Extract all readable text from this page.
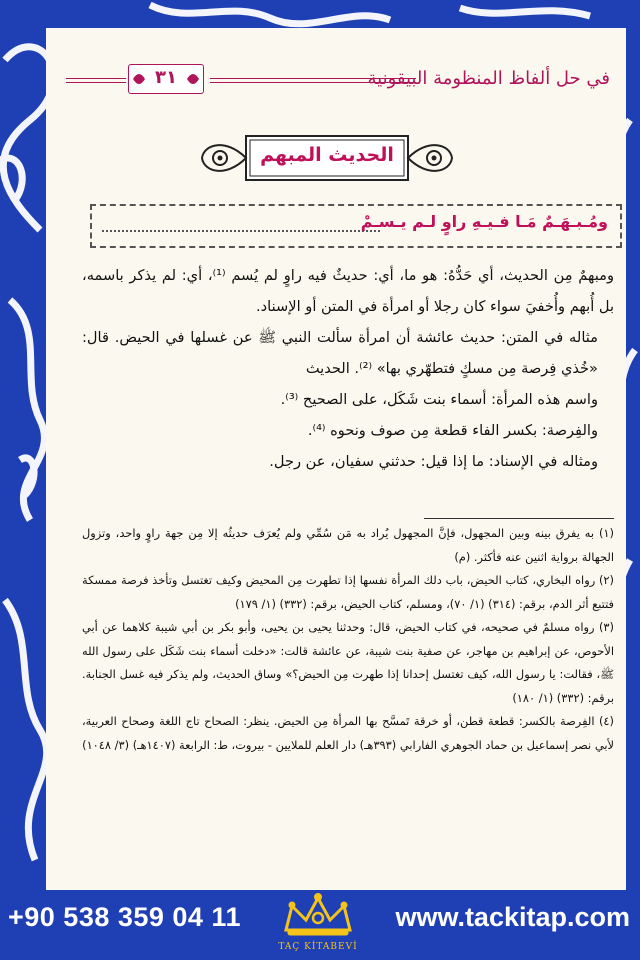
٣١	في حل ألفاظ المنظومة البيقونية
الحديث المبهم
ومُـبـهَـمٌ مَـا فـيـهِ راوٍ لـم يـسـمْ

ومبهمٌ مِن الحديث، أي حَدُّهُ: هو ما، أي: حديثٌ فيه راوٍ لم يُسم ⁽¹⁾، أي: لم يذكر باسمه، بل أُبهم وأُخفيَ سواء كان رجلا أو امرأة في المتن أو الإسناد.

مثاله في المتن: حديث عائشة أن امرأة سألت النبي ﷺ عن غسلها في الحيض. قال: «خُذي فِرصة مِن مسكٍ فتطهّري بها» ⁽²⁾. الحديث

واسم هذه المرأة: أسماء بنت شَكَل، على الصحيح ⁽³⁾.

والفِرصة: بكسر الفاء قطعة مِن صوف ونحوه ⁽⁴⁾.

ومثاله في الإسناد: ما إذا قيل: حدثني سفيان، عن رجل.

(١) به يفرق بينه وبين المجهول، فإنَّ المجهول يُراد به مَن سُمِّي ولم يُعرَف حديثُه إلا مِن جهة راوٍ واحد، وتزول الجهالة برواية اثنين عنه فأكثر. (م)

(٢) رواه البخاري، كتاب الحيض، باب دلك المرأة نفسها إذا تطهرت مِن المحيض وكيف تغتسل وتأخذ فرصة ممسكة فتتبع أثر الدم، برقم: (٣١٤) (١/ ٧٠)، ومسلم، كتاب الحيض، برقم: (٣٣٢) (١/ ١٧٩)

(٣) رواه مسلمٌ في صحيحه، في كتاب الحيض، قال: وحدثنا يحيى بن يحيى، وأبو بكر بن أبي شيبة كلاهما عن أبي الأحوص، عن إبراهيم بن مهاجر، عن صفية بنت شيبة، عن عائشة قالت: «دخلت أسماء بنت شَكَل على رسول الله ﷺ، فقالت: يا رسول الله، كيف تغتسل إحدانا إذا طهرت مِن الحيض؟» وساق الحديث، ولم يذكر فيه غسل الجنابة. برقم: (٣٣٢) (١/ ١٨٠)

(٤) الفِرصة بالكسر: قطعة قطن، أو خرقة تَمسَّح بها المرأة مِن الحيض. ينظر: الصحاح تاج اللغة وصحاح العربية، لأبي نصر إسماعيل بن حماد الجوهري الفارابي (٣٩٣هـ) دار العلم للملايين - بيروت، ط: الرابعة (١٤٠٧هـ) (٣/ ١٠٤٨)

+90 538 359 04 11
TAÇ KİTABEVİ
www.tackitap.com
